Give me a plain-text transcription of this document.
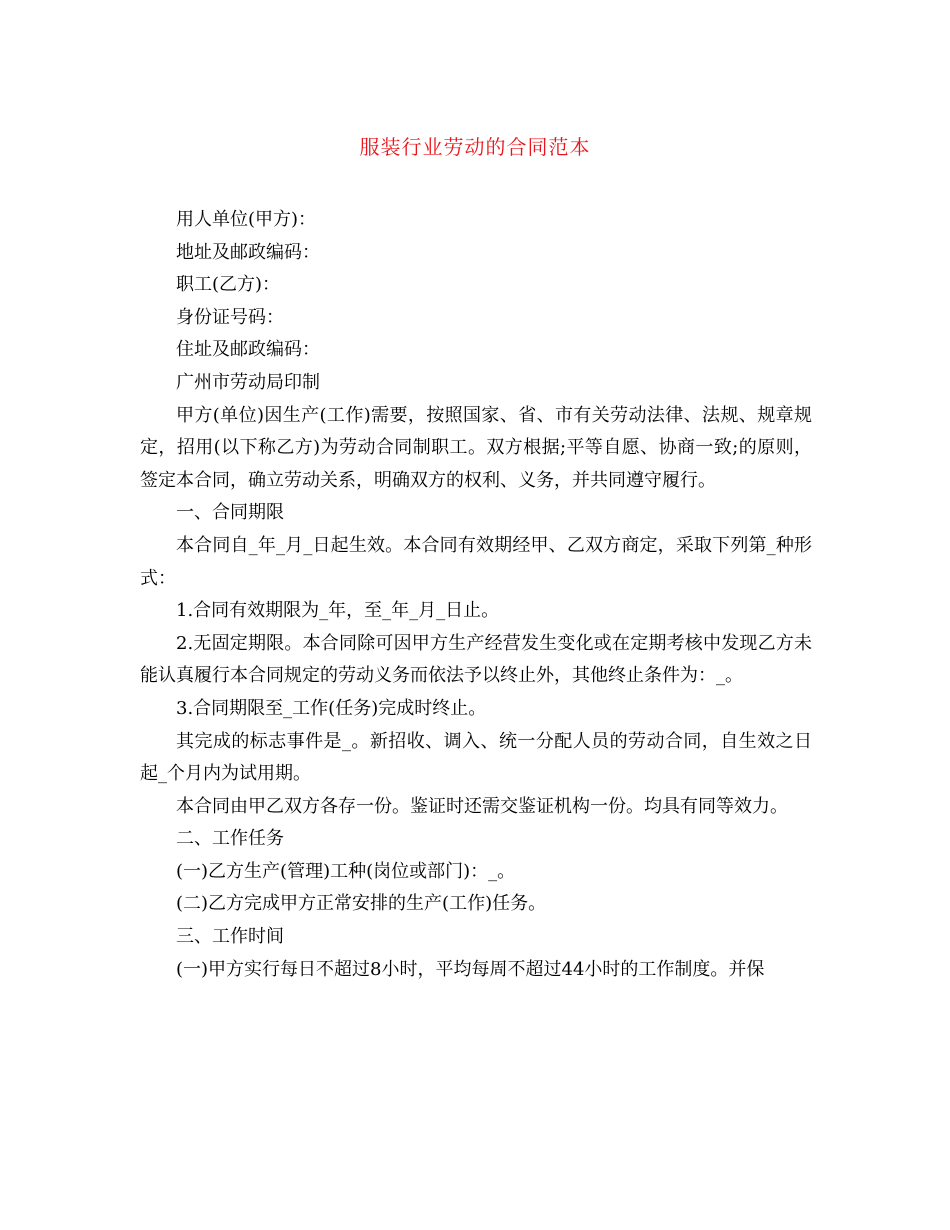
服装行业劳动的合同范本

用人单位(甲方)：

地址及邮政编码：

职工(乙方)：

身份证号码：

住址及邮政编码：

广州市劳动局印制

甲方(单位)因生产(工作)需要，按照国家、省、市有关劳动法律、法规、规章规定，招用(以下称乙方)为劳动合同制职工。双方根据;平等自愿、协商一致;的原则，签定本合同，确立劳动关系，明确双方的权利、义务，并共同遵守履行。

一、合同期限

本合同自_年_月_日起生效。本合同有效期经甲、乙双方商定，采取下列第_种形式：

1.合同有效期限为_年，至_年_月_日止。

2.无固定期限。本合同除可因甲方生产经营发生变化或在定期考核中发现乙方未能认真履行本合同规定的劳动义务而依法予以终止外，其他终止条件为：_。

3.合同期限至_工作(任务)完成时终止。

其完成的标志事件是_。新招收、调入、统一分配人员的劳动合同，自生效之日起_个月内为试用期。

本合同由甲乙双方各存一份。鉴证时还需交鉴证机构一份。均具有同等效力。

二、工作任务

(一)乙方生产(管理)工种(岗位或部门)：_。

(二)乙方完成甲方正常安排的生产(工作)任务。

三、工作时间

(一)甲方实行每日不超过8小时，平均每周不超过44小时的工作制度。并保
